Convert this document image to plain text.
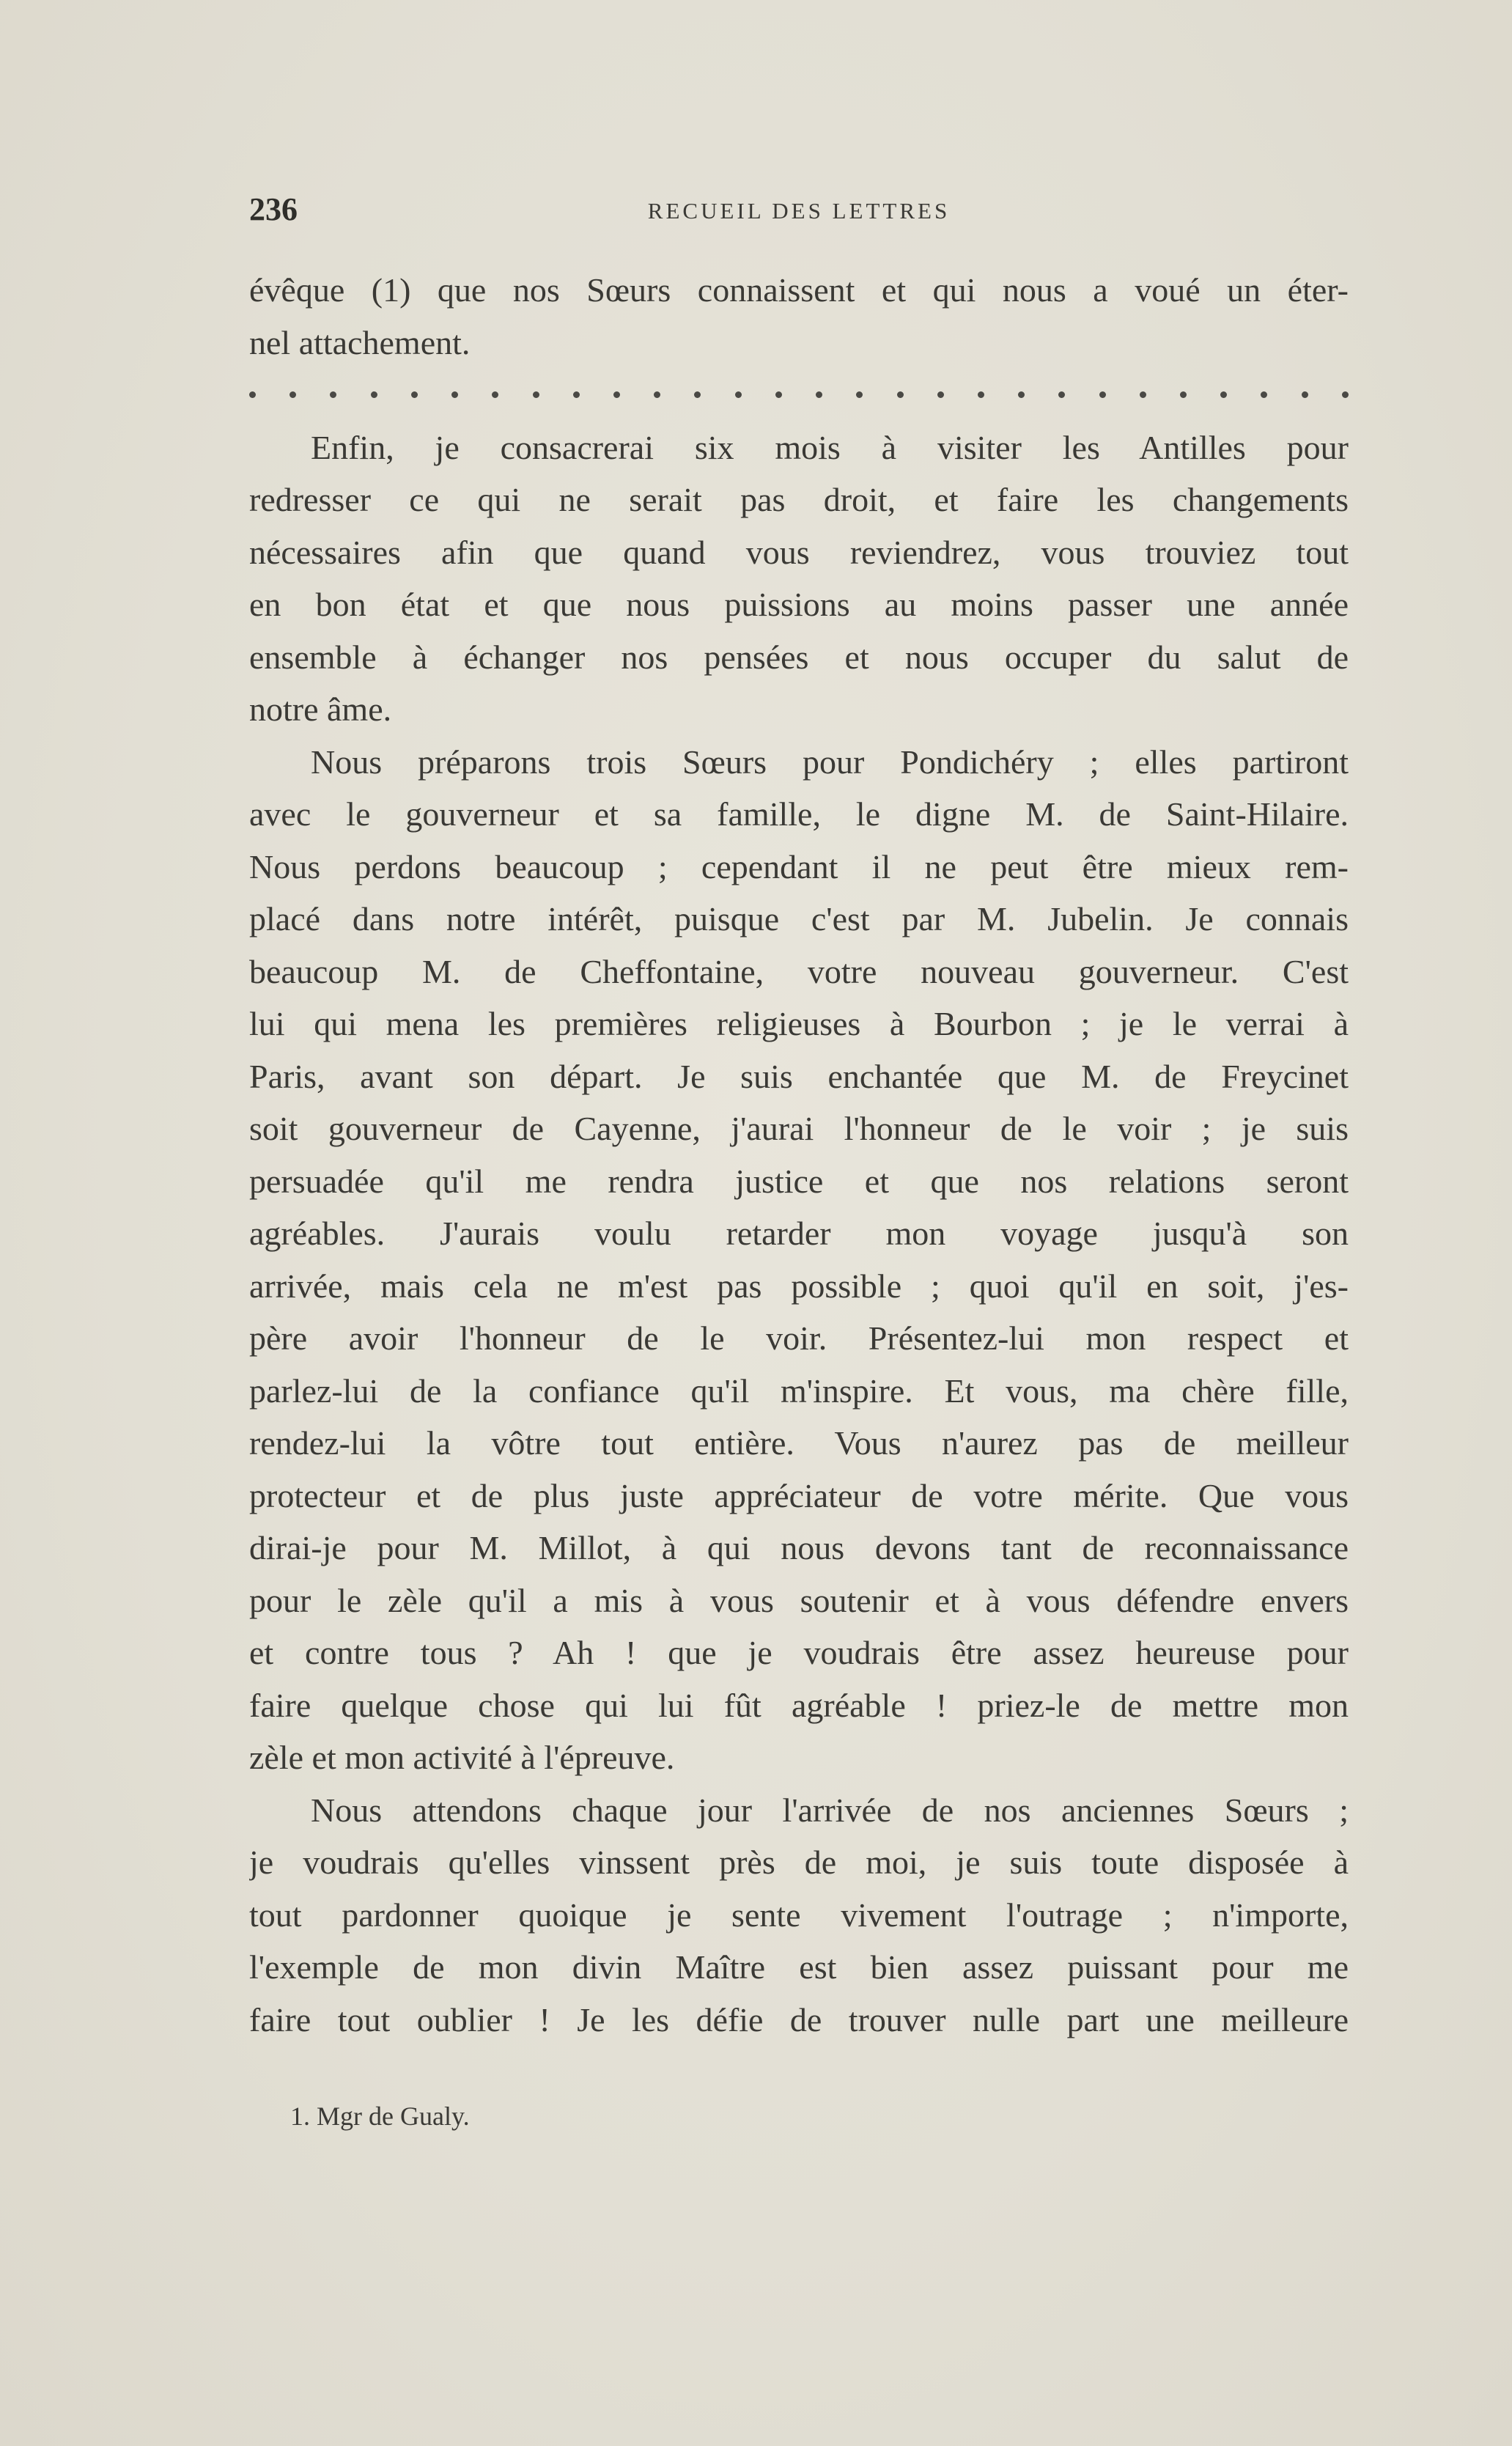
236	RECUEIL DES LETTRES
évêque (1) que nos Sœurs connaissent et qui nous a voué un éter-
nel attachement.
Enfin, je consacrerai six mois à visiter les Antilles pour
redresser ce qui ne serait pas droit, et faire les changements
nécessaires afin que quand vous reviendrez, vous trouviez tout
en bon état et que nous puissions au moins passer une année
ensemble à échanger nos pensées et nous occuper du salut de
notre âme.
Nous préparons trois Sœurs pour Pondichéry ; elles partiront
avec le gouverneur et sa famille, le digne M. de Saint-Hilaire.
Nous perdons beaucoup ; cependant il ne peut être mieux rem-
placé dans notre intérêt, puisque c'est par M. Jubelin. Je connais
beaucoup M. de Cheffontaine, votre nouveau gouverneur. C'est
lui qui mena les premières religieuses à Bourbon ; je le verrai à
Paris, avant son départ. Je suis enchantée que M. de Freycinet
soit gouverneur de Cayenne, j'aurai l'honneur de le voir ; je suis
persuadée qu'il me rendra justice et que nos relations seront
agréables. J'aurais voulu retarder mon voyage jusqu'à son
arrivée, mais cela ne m'est pas possible ; quoi qu'il en soit, j'es-
père avoir l'honneur de le voir. Présentez-lui mon respect et
parlez-lui de la confiance qu'il m'inspire. Et vous, ma chère fille,
rendez-lui la vôtre tout entière. Vous n'aurez pas de meilleur
protecteur et de plus juste appréciateur de votre mérite. Que vous
dirai-je pour M. Millot, à qui nous devons tant de reconnaissance
pour le zèle qu'il a mis à vous soutenir et à vous défendre envers
et contre tous ? Ah ! que je voudrais être assez heureuse pour
faire quelque chose qui lui fût agréable ! priez-le de mettre mon
zèle et mon activité à l'épreuve.
Nous attendons chaque jour l'arrivée de nos anciennes Sœurs ;
je voudrais qu'elles vinssent près de moi, je suis toute disposée à
tout pardonner quoique je sente vivement l'outrage ; n'importe,
l'exemple de mon divin Maître est bien assez puissant pour me
faire tout oublier ! Je les défie de trouver nulle part une meilleure
1. Mgr de Gualy.
